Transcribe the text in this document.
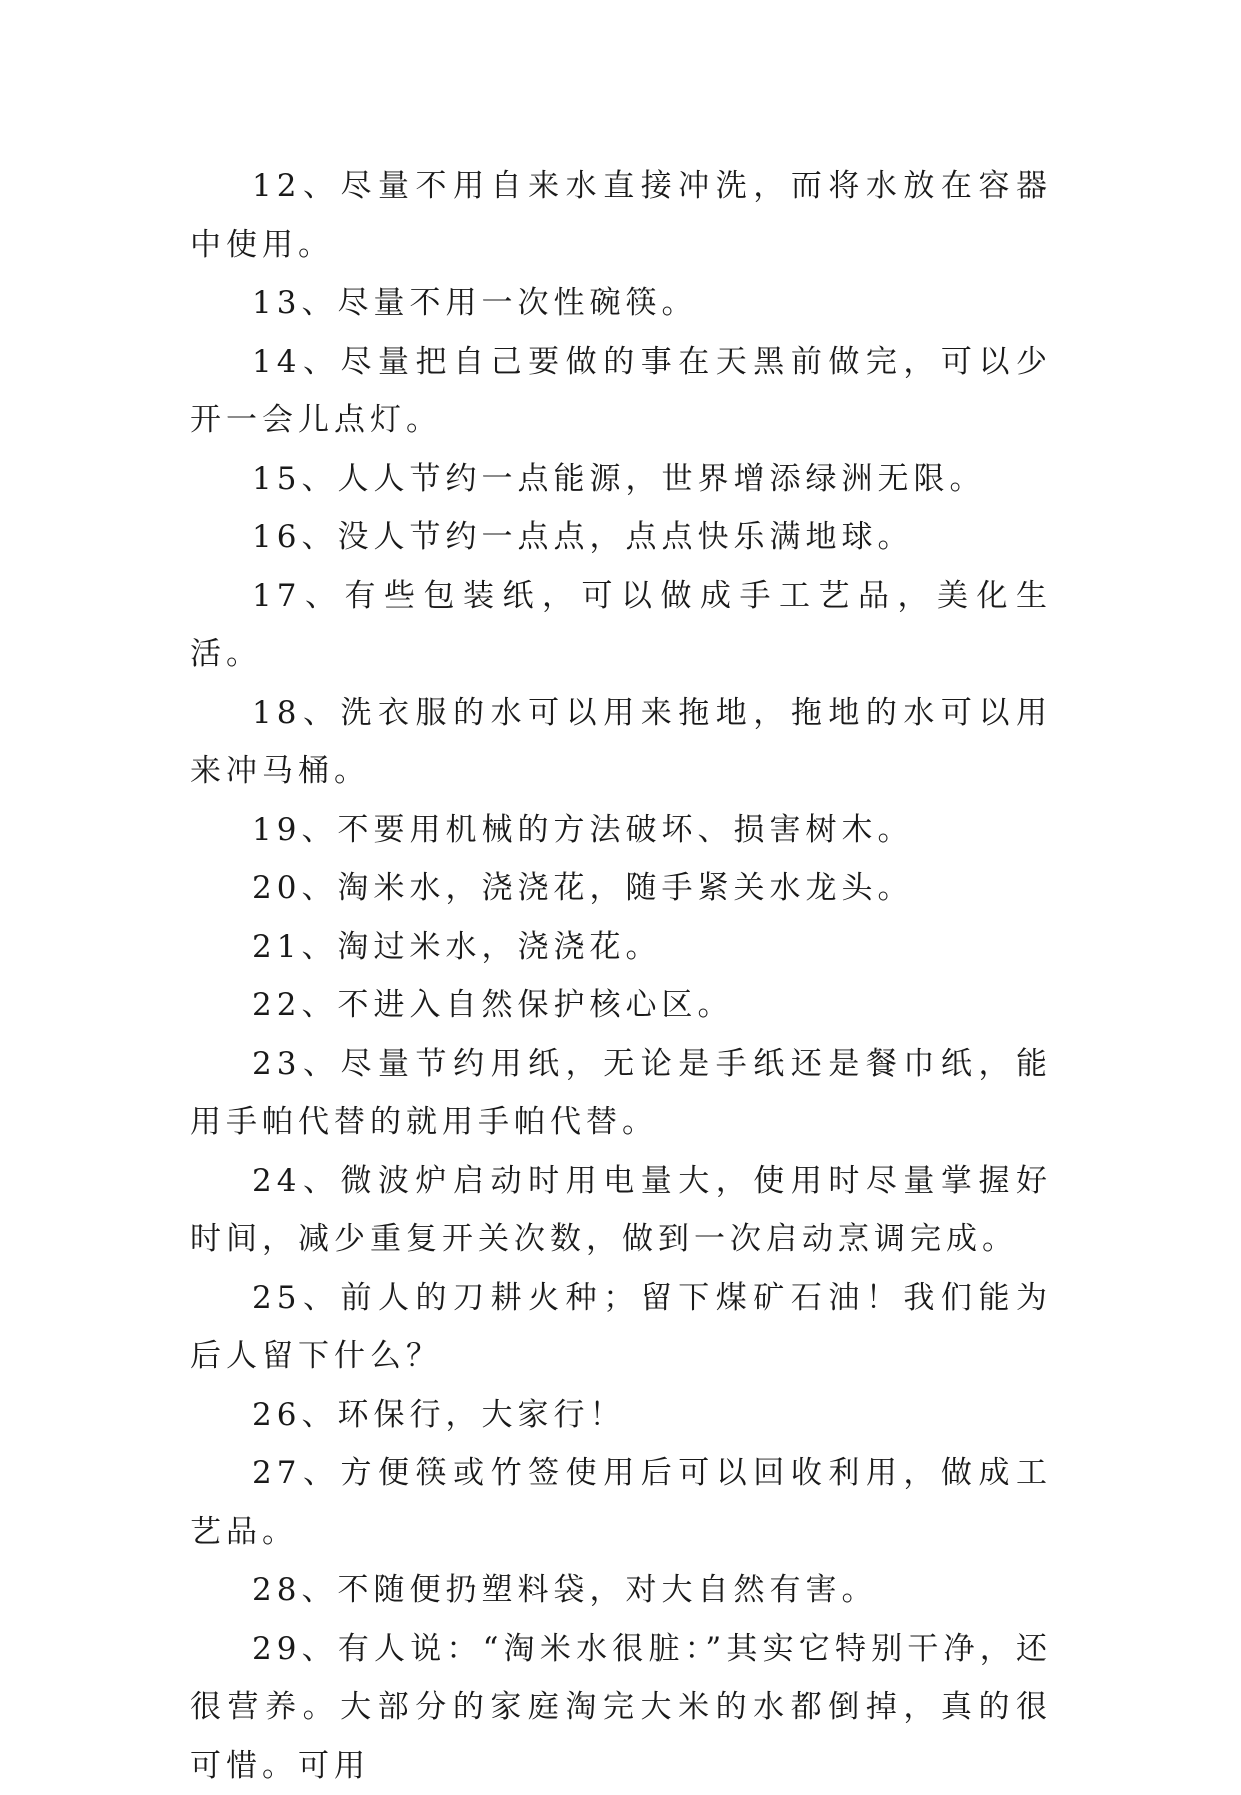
12、尽量不用自来水直接冲洗，而将水放在容器中使用。

13、尽量不用一次性碗筷。

14、尽量把自己要做的事在天黑前做完，可以少开一会儿点灯。

15、人人节约一点能源，世界增添绿洲无限。

16、没人节约一点点，点点快乐满地球。

17、有些包装纸，可以做成手工艺品，美化生活。

18、洗衣服的水可以用来拖地，拖地的水可以用来冲马桶。

19、不要用机械的方法破坏、损害树木。

20、淘米水，浇浇花，随手紧关水龙头。

21、淘过米水，浇浇花。

22、不进入自然保护核心区。

23、尽量节约用纸，无论是手纸还是餐巾纸，能用手帕代替的就用手帕代替。

24、微波炉启动时用电量大，使用时尽量掌握好时间，减少重复开关次数，做到一次启动烹调完成。

25、前人的刀耕火种；留下煤矿石油！我们能为后人留下什么？

26、环保行，大家行！

27、方便筷或竹签使用后可以回收利用，做成工艺品。

28、不随便扔塑料袋，对大自然有害。

29、有人说：“淘米水很脏：”其实它特别干净，还很营养。大部分的家庭淘完大米的水都倒掉，真的很可惜。可用
